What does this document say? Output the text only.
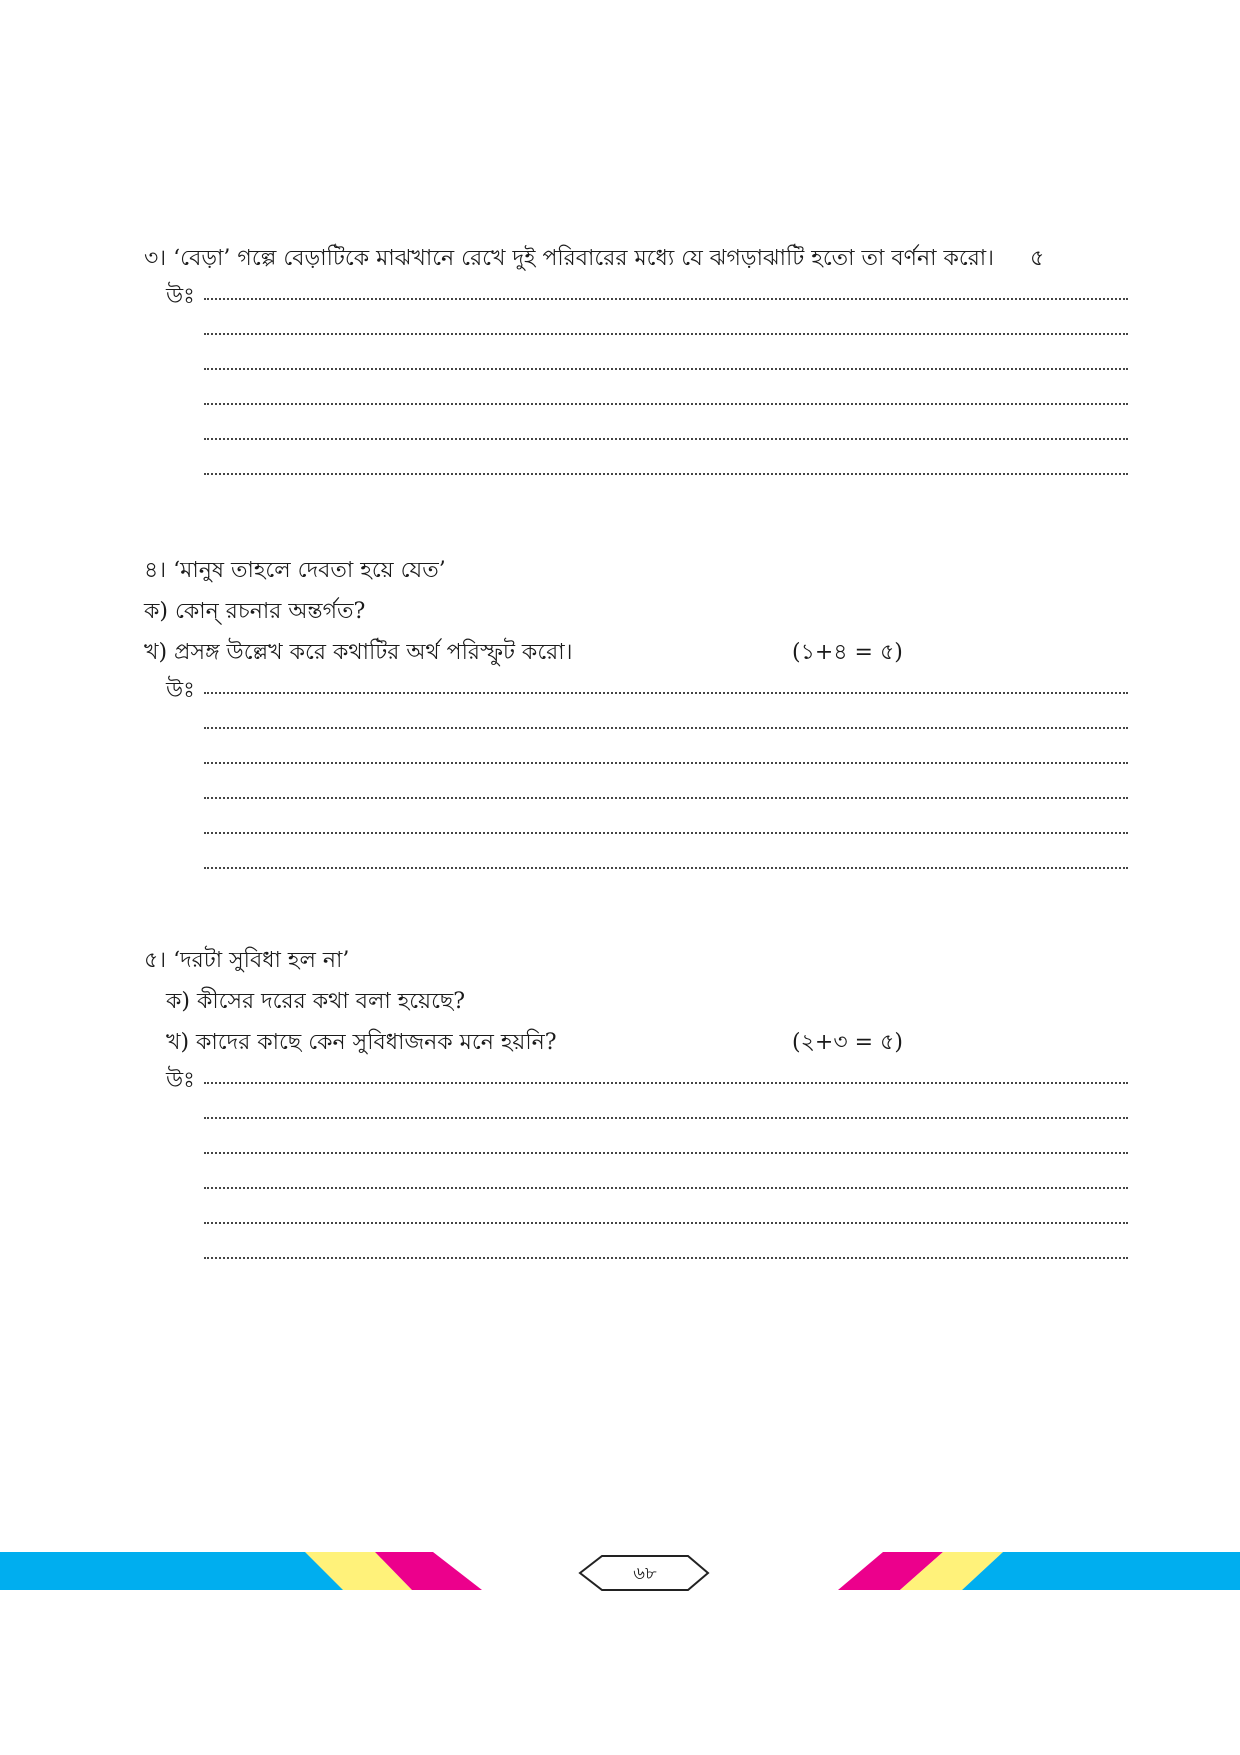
৩। ‘বেড়া’ গল্পে বেড়াটিকে মাঝখানে রেখে দুই পরিবারের মধ্যে যে ঝগড়াঝাটি হতো তা বর্ণনা করো। ৫
উঃ
৪। ‘মানুষ তাহলে দেবতা হয়ে যেত’
ক) কোন্ রচনার অন্তর্গত?
খ) প্রসঙ্গ উল্লেখ করে কথাটির অর্থ পরিস্ফুট করো।	(১+৪ = ৫)
উঃ
৫। ‘দরটা সুবিধা হল না’
ক) কীসের দরের কথা বলা হয়েছে?
খ) কাদের কাছে কেন সুবিধাজনক মনে হয়নি?	(২+৩ = ৫)
উঃ
৬৮
